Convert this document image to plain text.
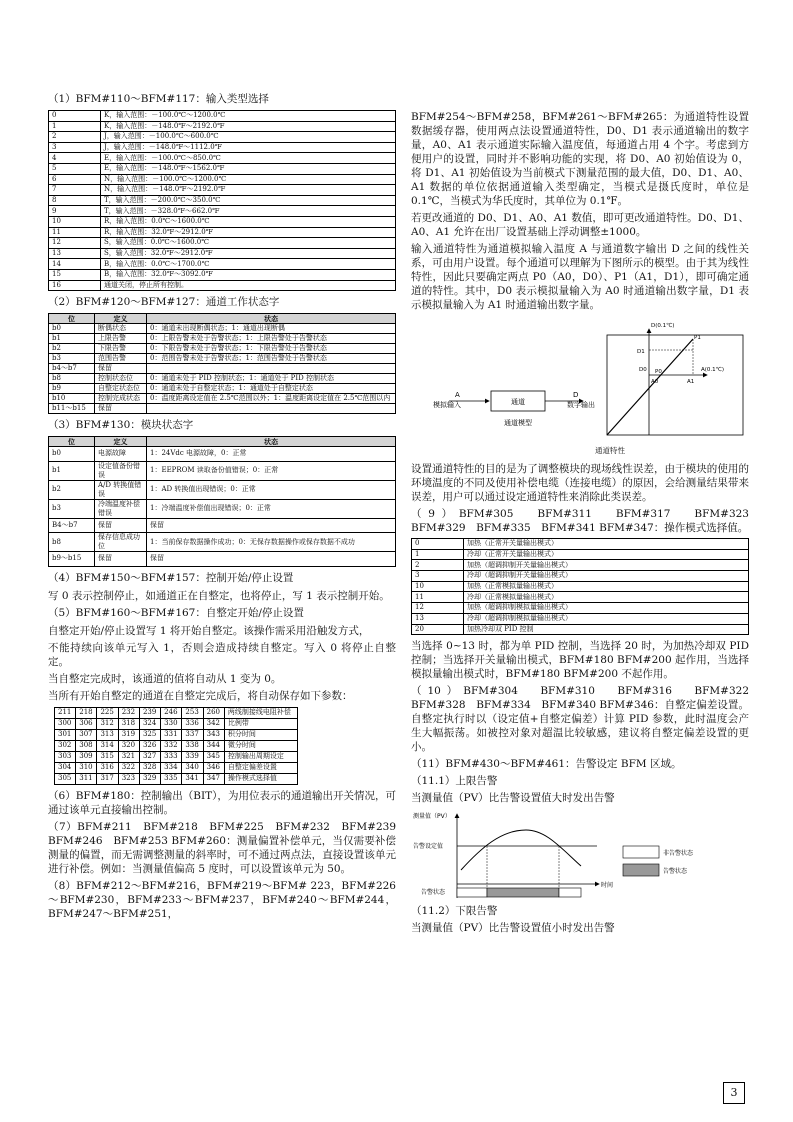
（1）BFM#110～BFM#117：输入类型选择
0	K，输入范围：－100.0℃～1200.0℃
1	K，输入范围：－148.0℉～2192.0℉
2	J，输入范围：－100.0℃～600.0℃
3	J，输入范围：－148.0℉～1112.0℉
4	E，输入范围：－100.0℃～850.0℃
5	E，输入范围：－148.0℉～1562.0℉
6	N，输入范围：－100.0℃～1200.0℃
7	N，输入范围：－148.0℉～2192.0℉
8	T，输入范围：－200.0℃～350.0℃
9	T，输入范围：－328.0℉～662.0℉
10	R，输入范围：0.0℃～1600.0℃
11	R，输入范围：32.0℉～2912.0℉
12	S，输入范围：0.0℃～1600.0℃
13	S，输入范围：32.0℉～2912.0℉
14	B，输入范围：0.0℃～1700.0℃
15	B，输入范围：32.0℉～3092.0℉
16	通道关闭，停止所有控制。
（2）BFM#120～BFM#127：通道工作状态字
位	定义	状态
b0	断偶状态	0：通道未出现断偶状态；1：通道出现断偶
b1	上限告警	0：上限告警未处于告警状态；1：上限告警处于告警状态
b2	下限告警	0：下限告警未处于告警状态；1：下限告警处于告警状态
b3	范围告警	0：范围告警未处于告警状态；1：范围告警处于告警状态
b4～b7	保留	
b8	控制状态位	0：通道未处于 PID 控制状态；1：通道处于 PID 控制状态
b9	自整定状态位	0：通道未处于自整定状态；1：通道处于自整定状态
b10	控制完成状态	0：温度距离设定值在 2.5℃范围以外；1：温度距离设定值在 2.5℃范围以内
b11～b15	保留	
（3）BFM#130：模块状态字
位	定义	状态
b0	电源故障	1：24Vdc 电源故障，0：正常
b1	设定值备份错误	1：EEPROM 读取备份值错误；0：正常
b2	A/D 转换值错误	1：AD 转换值出现错误；0：正常
b3	冷端温度补偿错误	1：冷端温度补偿值出现错误；0：正常
B4～b7	保留	保留
b8	保存信息成功位	1：当前保存数据操作成功；0：无保存数据操作或保存数据不成功
b9～b15	保留	保留
（4）BFM#150～BFM#157：控制开始/停止设置
写 0 表示控制停止，如通道正在自整定，也将停止，写 1 表示控制开始。
（5）BFM#160～BFM#167：自整定开始/停止设置
自整定开始/停止设置写 1 将开始自整定。该操作需采用沿触发方式，
不能持续向该单元写入 1，否则会造成持续自整定。写入 0 将停止自整定。
当自整定完成时，该通道的值将自动从 1 变为 0。
当所有开始自整定的通道在自整定完成后，将自动保存如下参数：
211	218	225	232	239	246	253	260	两线制接线电阻补偿
300	306	312	318	324	330	336	342	比例带
301	307	313	319	325	331	337	343	积分时间
302	308	314	320	326	332	338	344	微分时间
303	309	315	321	327	333	339	345	控制输出周期设定
304	310	316	322	328	334	340	346	自整定偏差设置
305	311	317	323	329	335	341	347	操作模式选择值
（6）BFM#180：控制输出（BIT），为用位表示的通道输出开关情况，可通过该单元直接输出控制。
（7）BFM#211　BFM#218　BFM#225　BFM#232　BFM#239　BFM#246　BFM#253 BFM#260：测量偏置补偿单元，当仅需要补偿测量的偏置，而无需调整测量的斜率时，可不通过两点法，直接设置该单元进行补偿。例如：当测量值偏高 5 度时，可以设置该单元为 50。
（8）BFM#212～BFM#216，BFM#219～BFM# 223，BFM#226～BFM#230，BFM#233～BFM#237，BFM#240～BFM#244，BFM#247～BFM#251，
BFM#254～BFM#258，BFM#261～BFM#265：为通道特性设置数据缓存器，使用两点法设置通道特性，D0、D1 表示通道输出的数字量，A0、A1 表示通道实际输入温度值，每通道占用 4 个字。考虑到方便用户的设置，同时并不影响功能的实现，将 D0、A0 初始值设为 0，将 D1、A1 初始值设为当前模式下测量范围的最大值，D0、D1、A0、A1 数据的单位依据通道输入类型确定，当模式是摄氏度时，单位是 0.1℃，当模式为华氏度时，其单位为 0.1℉。
若更改通道的 D0、D1、A0、A1 数值，即可更改通道特性。D0、D1、A0、A1 允许在出厂设置基础上浮动调整±1000。
输入通道特性为通道模拟输入温度 A 与通道数字输出 D 之间的线性关系，可由用户设置。每个通道可以理解为下图所示的模型。由于其为线性特性，因此只要确定两点 P0（A0，D0）、P1（A1，D1），即可确定通道的特性。其中，D0 表示模拟量输入为 A0 时通道输出数字量，D1 表示模拟量输入为 A1 时通道输出数字量。
A
模拟输入	通道
D
数字输出
通道模型
D(0.1℃)
A(0.1℃)
P1
P0
D1
D0
A0	A1
通道特性
设置通道特性的目的是为了调整模块的现场线性误差，由于模块的使用的环境温度的不同及使用补偿电缆（连接电缆）的原因，会给测量结果带来误差，用户可以通过设定通道特性来消除此类误差。
（9）BFM#305　BFM#311　BFM#317　BFM#323　BFM#329　BFM#335　BFM#341 BFM#347：操作模式选择值。
0	加热（正常开关量输出模式）
1	冷却（正常开关量输出模式）
2	加热（超调抑制开关量输出模式）
3	冷却（超调抑制开关量输出模式）
10	加热（正常模拟量输出模式）
11	冷却（正常模拟量输出模式）
12	加热（超调抑制模拟量输出模式）
13	冷却（超调抑制模拟量输出模式）
20	加热冷却双 PID 控制
当选择 0~13 时，都为单 PID 控制，当选择 20 时，为加热冷却双 PID 控制；当选择开关量输出模式，BFM#180 BFM#200 起作用，当选择模拟量输出模式时，BFM#180 BFM#200 不起作用。
（10）BFM#304　BFM#310　BFM#316　BFM#322　BFM#328　BFM#334　BFM#340 BFM#346：自整定偏差设置。自整定执行时以（设定值+自整定偏差）计算 PID 参数，此时温度会产生大幅振荡。如被控对象对超温比较敏感，建议将自整定偏差设置的更小。
（11）BFM#430～BFM#461：告警设定 BFM 区域。
（11.1）上限告警
当测量值（PV）比告警设置值大时发出告警
测量值（PV）
时间
告警设定值
告警状态
非告警状态
告警状态
（11.2）下限告警
当测量值（PV）比告警设置值小时发出告警
3
